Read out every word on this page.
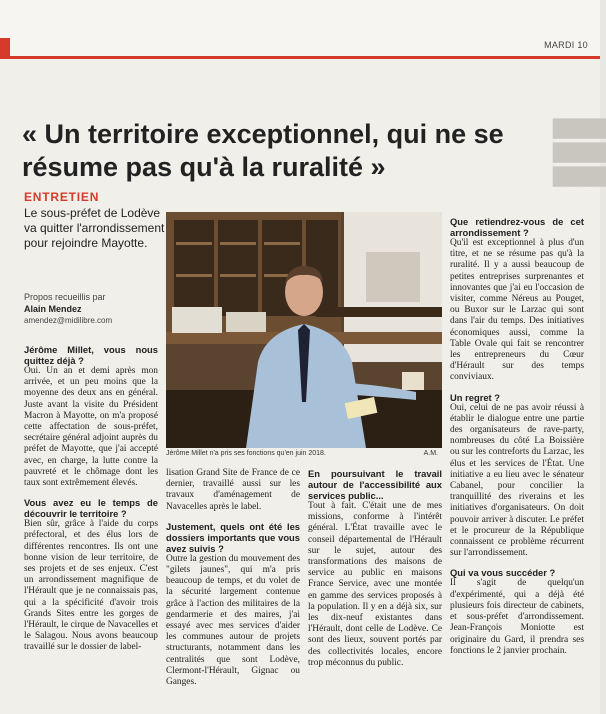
MARDI 10
▆▆▆
▆▆▆
▆▆▆
« Un territoire exceptionnel, qui ne se résume pas qu'à la ruralité »
ENTRETIEN
Le sous-préfet de Lodève va quitter l'arrondissement pour rejoindre Mayotte.
Propos recueillis par
Alain Mendez
amendez@midilibre.com
Jérôme Millet n'a pris ses fonctions qu'en juin 2018.	A.M.
Jérôme Millet, vous nous quittez déjà ?

Oui. Un an et demi après mon arrivée, et un peu moins que la moyenne des deux ans en général. Juste avant la visite du Président Macron à Mayotte, on m'a proposé cette affectation de sous-préfet, secrétaire général adjoint auprès du préfet de Mayotte, que j'ai accepté avec, en charge, la lutte contre la pauvreté et le chômage dont les taux sont extrêmement élevés.

Vous avez eu le temps de découvrir le territoire ?

Bien sûr, grâce à l'aide du corps préfectoral, et des élus lors de différentes rencontres. Ils ont une bonne vision de leur territoire, de ses projets et de ses enjeux. C'est un arrondissement magnifique de l'Hérault que je ne connaissais pas, qui a la spécificité d'avoir trois Grands Sites entre les gorges de l'Hérault, le cirque de Navacelles et le Salagou. Nous avons beaucoup travaillé sur le dossier de label-

lisation Grand Site de France de ce dernier, travaillé aussi sur les travaux d'aménagement de Navacelles après le label.

Justement, quels ont été les dossiers importants que vous avez suivis ?

Outre la gestion du mouvement des "gilets jaunes", qui m'a pris beaucoup de temps, et du volet de la sécurité largement contenue grâce à l'action des militaires de la gendarmerie et des maires, j'ai essayé avec mes services d'aider les communes autour de projets structurants, notamment dans les centralités que sont Lodève, Clermont-l'Hérault, Gignac ou Ganges.

En poursuivant le travail autour de l'accessibilité aux services public...

Tout à fait. C'était une de mes missions, conforme à l'intérêt général. L'État travaille avec le conseil départemental de l'Hérault sur le sujet, autour des transformations des maisons de service au public en maisons France Service, avec une montée en gamme des services proposés à la population. Il y en a déjà six, sur les dix-neuf existantes dans l'Hérault, dont celle de Lodève. Ce sont des lieux, souvent portés par des collectivités locales, encore trop méconnus du public.

Que retiendrez-vous de cet arrondissement ?

Qu'il est exceptionnel à plus d'un titre, et ne se résume pas qu'à la ruralité. Il y a aussi beaucoup de petites entreprises surprenantes et innovantes que j'ai eu l'occasion de visiter, comme Néreus au Pouget, ou Buxor sur le Larzac qui sont dans l'air du temps. Des initiatives économiques aussi, comme la Table Ovale qui fait se rencontrer les entrepreneurs du Cœur d'Hérault sur des temps conviviaux.

Un regret ?

Oui, celui de ne pas avoir réussi à établir le dialogue entre une partie des organisateurs de rave-party, nombreuses du côté La Boissière ou sur les contreforts du Larzac, les élus et les services de l'État. Une initiative a eu lieu avec le sénateur Cabanel, pour concilier la tranquillité des riverains et les initiatives d'organisateurs. On doit pouvoir arriver à discuter. Le préfet et le procureur de la République connaissent ce problème récurrent sur l'arrondissement.

Qui va vous succéder ?

Il s'agit de quelqu'un d'expérimenté, qui a déjà été plusieurs fois directeur de cabinets, et sous-préfet d'arrondissement. Jean-François Moniotte est originaire du Gard, il prendra ses fonctions le 2 janvier prochain.
